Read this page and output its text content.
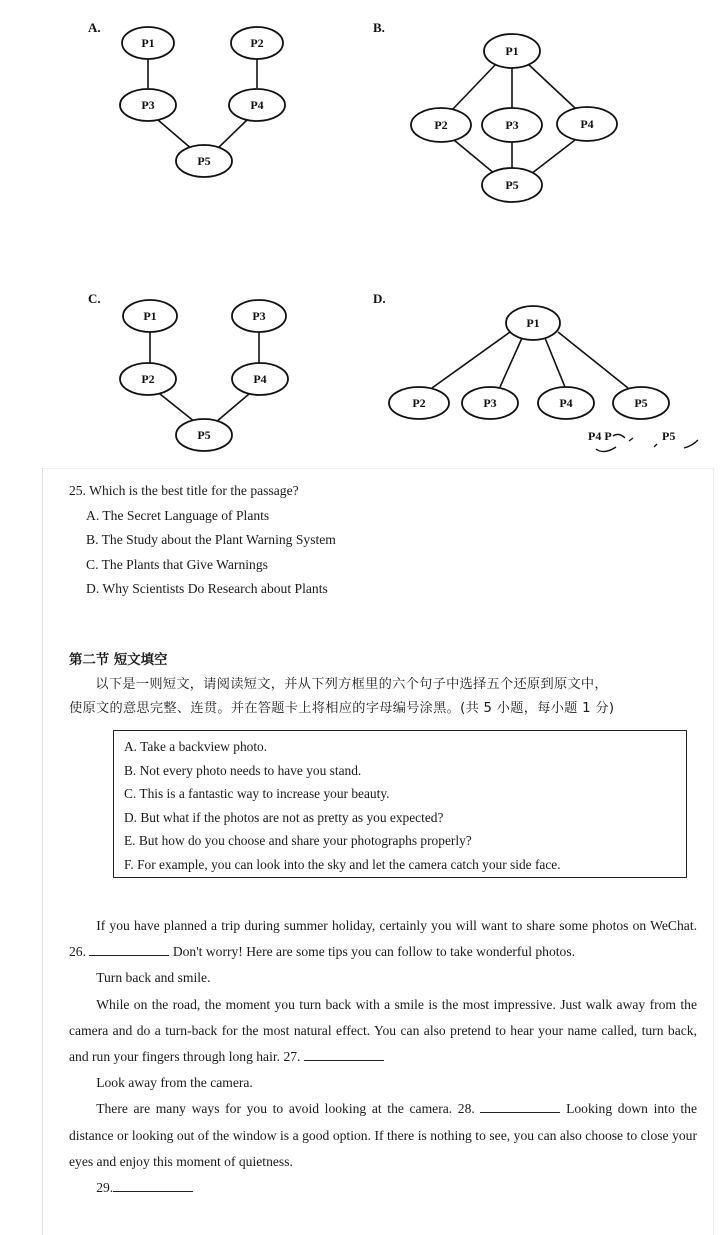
A.
P1	P2
P3	P4
P5
B.
P1
P2	P3	P4
P5
C.
P1	P3
P2	P4
P5
D.
P1
P2	P3	P4	P5
P4 P	P5
25. Which is the best title for the passage?
A. The Secret Language of Plants
B. The Study about the Plant Warning System
C. The Plants that Give Warnings
D. Why Scientists Do Research about Plants
第二节 短文填空
以下是一则短文，请阅读短文，并从下列方框里的六个句子中选择五个还原到原文中，
使原文的意思完整、连贯。并在答题卡上将相应的字母编号涂黑。(共 5 小题，每小题 1 分)
A. Take a backview photo.
B. Not every photo needs to have you stand.
C. This is a fantastic way to increase your beauty.
D. But what if the photos are not as pretty as you expected?
E. But how do you choose and share your photographs properly?
F. For example, you can look into the sky and let the camera catch your side face.

If you have planned a trip during summer holiday, certainly you will want to share some photos on WeChat. 26.	Don't worry! Here are some tips you can follow to take wonderful photos.

Turn back and smile.

While on the road, the moment you turn back with a smile is the most impressive. Just walk away from the camera and do a turn-back for the most natural effect. You can also pretend to hear your name called, turn back, and run your fingers through long hair. 27.

Look away from the camera.

There are many ways for you to avoid looking at the camera. 28.	Looking down into the distance or looking out of the window is a good option. If there is nothing to see, you can also choose to close your eyes and enjoy this moment of quietness.

29.
